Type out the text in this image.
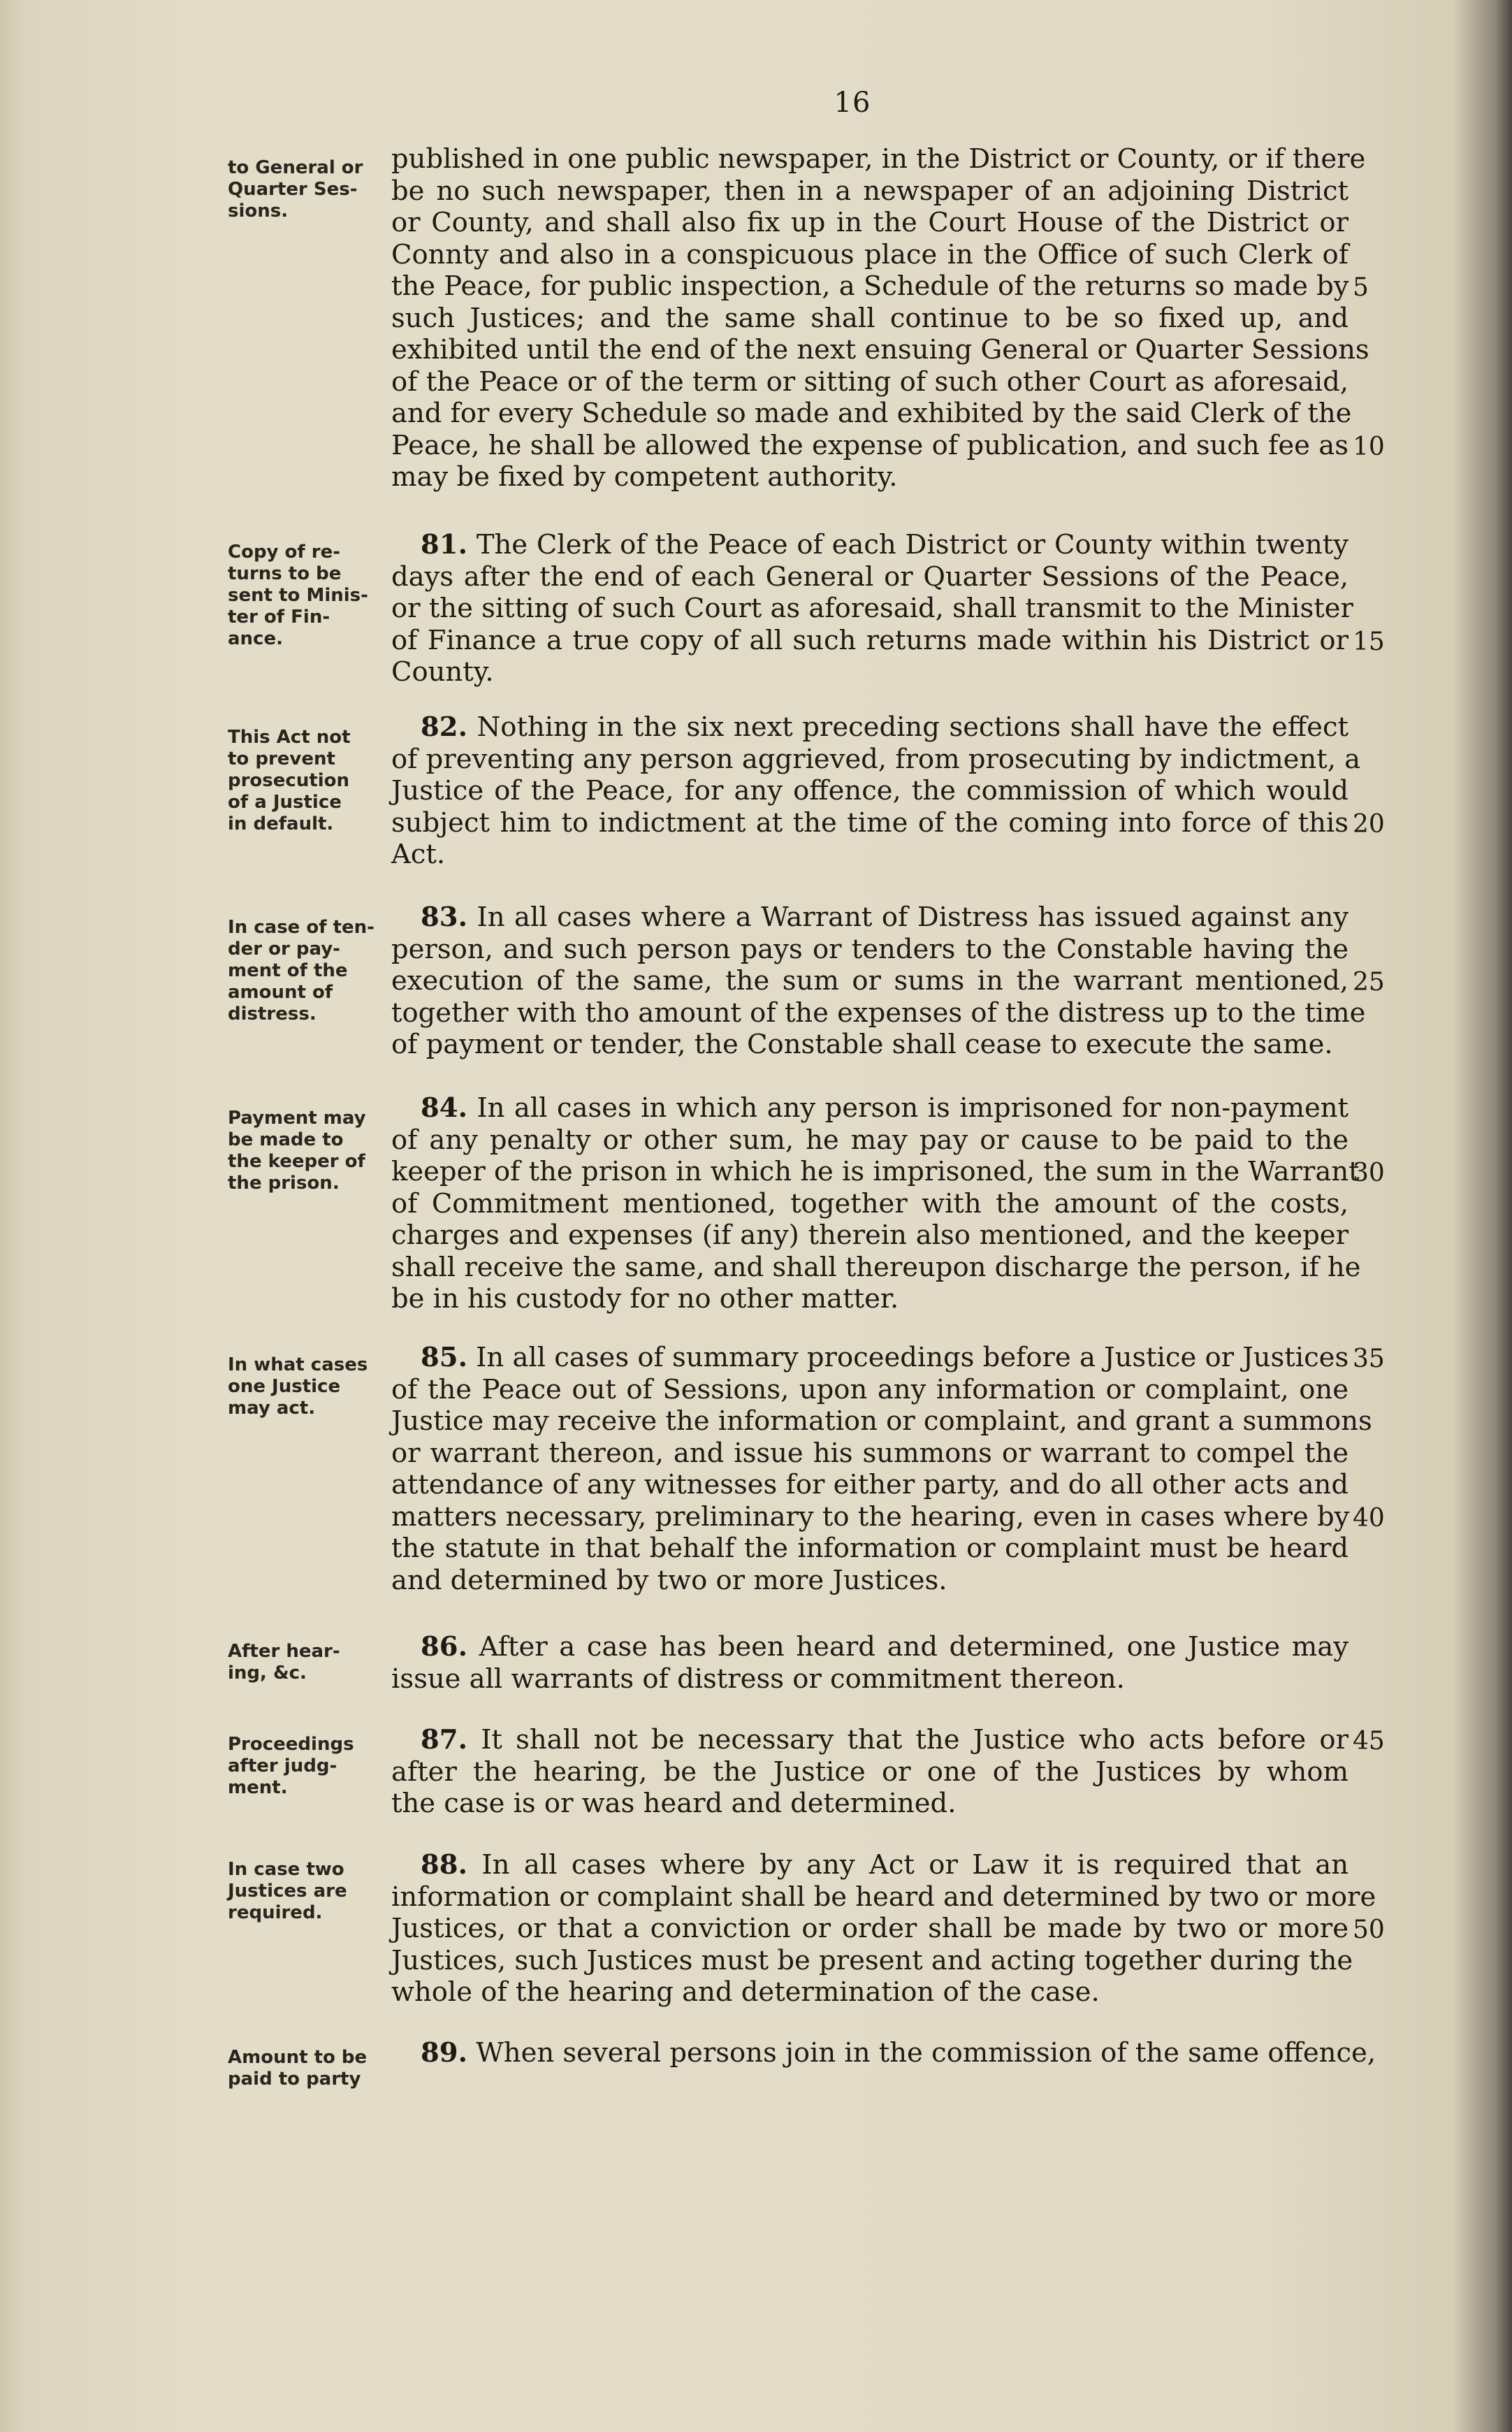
16
to General or
Quarter Ses-
sions.
published in one public newspaper, in the District or County, or if there
be no such newspaper, then in a newspaper of an adjoining District
or County, and shall also fix up in the Court House of the District or
Connty and also in a conspicuous place in the Office of such Clerk of
the Peace, for public inspection, a Schedule of the returns so made by
such Justices; and the same shall continue to be so fixed up, and
exhibited until the end of the next ensuing General or Quarter Sessions
of the Peace or of the term or sitting of such other Court as aforesaid,
and for every Schedule so made and exhibited by the said Clerk of the
Peace, he shall be allowed the expense of publication, and such fee as
may be fixed by competent authority.
5
10
Copy of re-
turns to be
sent to Minis-
ter of Fin-
ance.
81. The Clerk of the Peace of each District or County within twenty
days after the end of each General or Quarter Sessions of the Peace,
or the sitting of such Court as aforesaid, shall transmit to the Minister
of Finance a true copy of all such returns made within his District or
County.
15
This Act not
to prevent
prosecution
of a Justice
in default.
82. Nothing in the six next preceding sections shall have the effect
of preventing any person aggrieved, from prosecuting by indictment, a
Justice of the Peace, for any offence, the commission of which would
subject him to indictment at the time of the coming into force of this
Act.
20
In case of ten-
der or pay-
ment of the
amount of
distress.
83. In all cases where a Warrant of Distress has issued against any
person, and such person pays or tenders to the Constable having the
execution of the same, the sum or sums in the warrant mentioned,
together with tho amount of the expenses of the distress up to the time
of payment or tender, the Constable shall cease to execute the same.
25
Payment may
be made to
the keeper of
the prison.
84. In all cases in which any person is imprisoned for non-payment
of any penalty or other sum, he may pay or cause to be paid to the
keeper of the prison in which he is imprisoned, the sum in the Warrant
of Commitment mentioned, together with the amount of the costs,
charges and expenses (if any) therein also mentioned, and the keeper
shall receive the same, and shall thereupon discharge the person, if he
be in his custody for no other matter.
30
In what cases
one Justice
may act.
85. In all cases of summary proceedings before a Justice or Justices
of the Peace out of Sessions, upon any information or complaint, one
Justice may receive the information or complaint, and grant a summons
or warrant thereon, and issue his summons or warrant to compel the
attendance of any witnesses for either party, and do all other acts and
matters necessary, preliminary to the hearing, even in cases where by
the statute in that behalf the information or complaint must be heard
and determined by two or more Justices.
35
40
After hear-
ing, &c.
86. After a case has been heard and determined, one Justice may
issue all warrants of distress or commitment thereon.
Proceedings
after judg-
ment.
87. It shall not be necessary that the Justice who acts before or
after the hearing, be the Justice or one of the Justices by whom
the case is or was heard and determined.
45
In case two
Justices are
required.
88. In all cases where by any Act or Law it is required that an
information or complaint shall be heard and determined by two or more
Justices, or that a conviction or order shall be made by two or more
Justices, such Justices must be present and acting together during the
whole of the hearing and determination of the case.
50
Amount to be
paid to party
89. When several persons join in the commission of the same offence,
